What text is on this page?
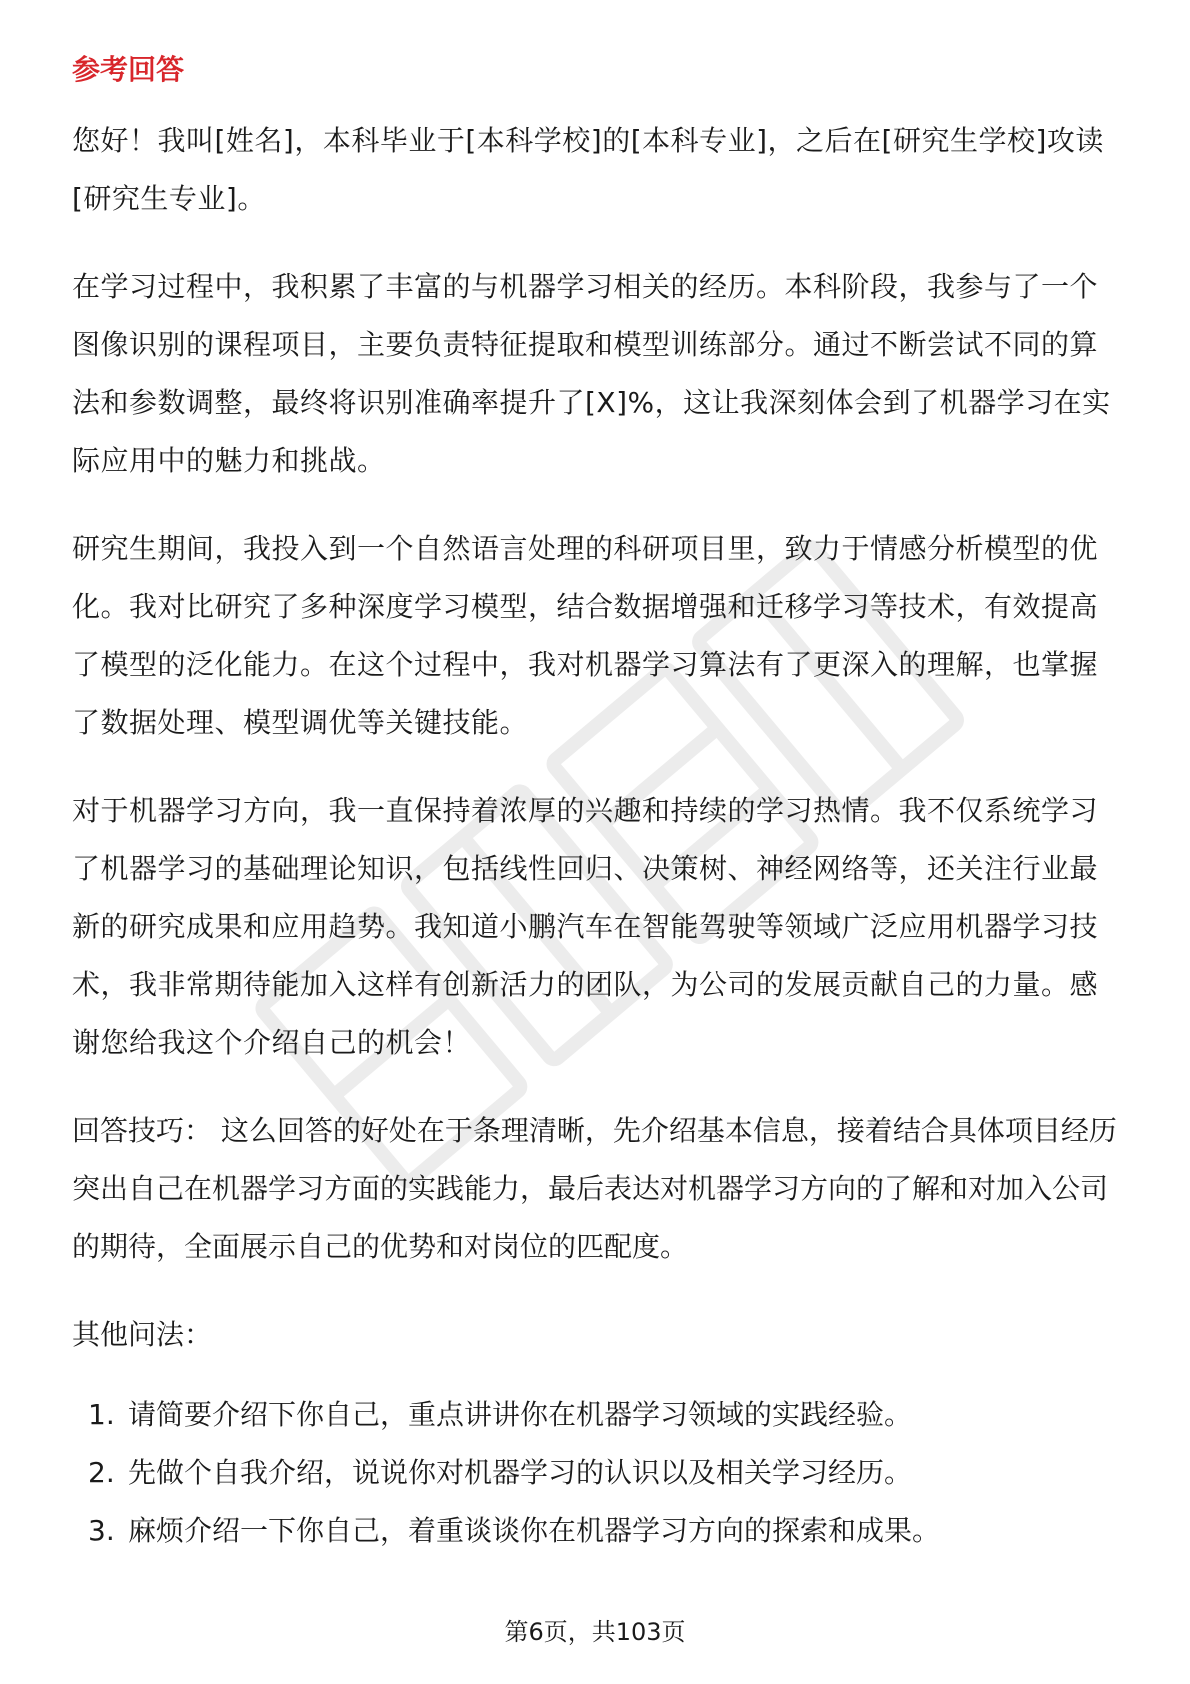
参考回答

您好！我叫[姓名]，本科毕业于[本科学校]的[本科专业]，之后在[研究生学校]攻读[研究生专业]。

在学习过程中，我积累了丰富的与机器学习相关的经历。本科阶段，我参与了一个图像识别的课程项目，主要负责特征提取和模型训练部分。通过不断尝试不同的算法和参数调整，最终将识别准确率提升了[X]%，这让我深刻体会到了机器学习在实际应用中的魅力和挑战。

研究生期间，我投入到一个自然语言处理的科研项目里，致力于情感分析模型的优化。我对比研究了多种深度学习模型，结合数据增强和迁移学习等技术，有效提高了模型的泛化能力。在这个过程中，我对机器学习算法有了更深入的理解，也掌握了数据处理、模型调优等关键技能。

对于机器学习方向，我一直保持着浓厚的兴趣和持续的学习热情。我不仅系统学习了机器学习的基础理论知识，包括线性回归、决策树、神经网络等，还关注行业最新的研究成果和应用趋势。我知道小鹏汽车在智能驾驶等领域广泛应用机器学习技术，我非常期待能加入这样有创新活力的团队，为公司的发展贡献自己的力量。感谢您给我这个介绍自己的机会！

回答技巧： 这么回答的好处在于条理清晰，先介绍基本信息，接着结合具体项目经历突出自己在机器学习方面的实践能力，最后表达对机器学习方向的了解和对加入公司的期待，全面展示自己的优势和对岗位的匹配度。

其他问法：
1. 请简要介绍下你自己，重点讲讲你在机器学习领域的实践经验。
2. 先做个自我介绍，说说你对机器学习的认识以及相关学习经历。
3. 麻烦介绍一下你自己，着重谈谈你在机器学习方向的探索和成果。
第6页，共103页
